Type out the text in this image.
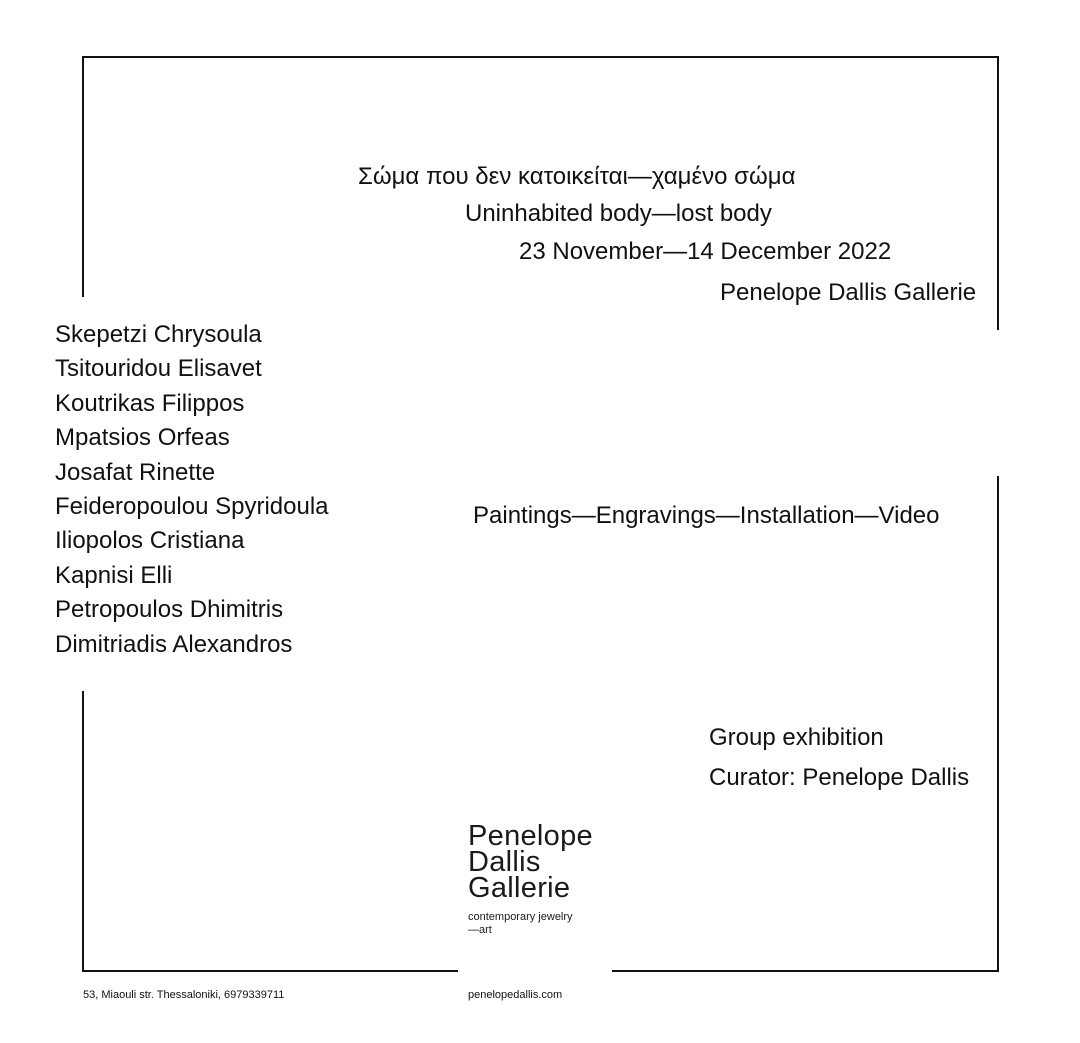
Σώμα που δεν κατοικείται—χαμένο σώμα
Uninhabited body—lost body
23 November—14 December 2022
Penelope Dallis Gallerie
Skepetzi Chrysoula
Tsitouridou Elisavet
Koutrikas Filippos
Mpatsios Orfeas
Josafat Rinette
Feideropoulou Spyridoula
Iliopolos Cristiana
Kapnisi Elli
Petropoulos Dhimitris
Dimitriadis Alexandros
Paintings—Engravings—Installation—Video
Group exhibition
Curator: Penelope Dallis
Penelope
Dallis
Gallerie
contemporary jewelry
—art
53, Miaouli str. Thessaloniki, 6979339711	penelopedallis.com
